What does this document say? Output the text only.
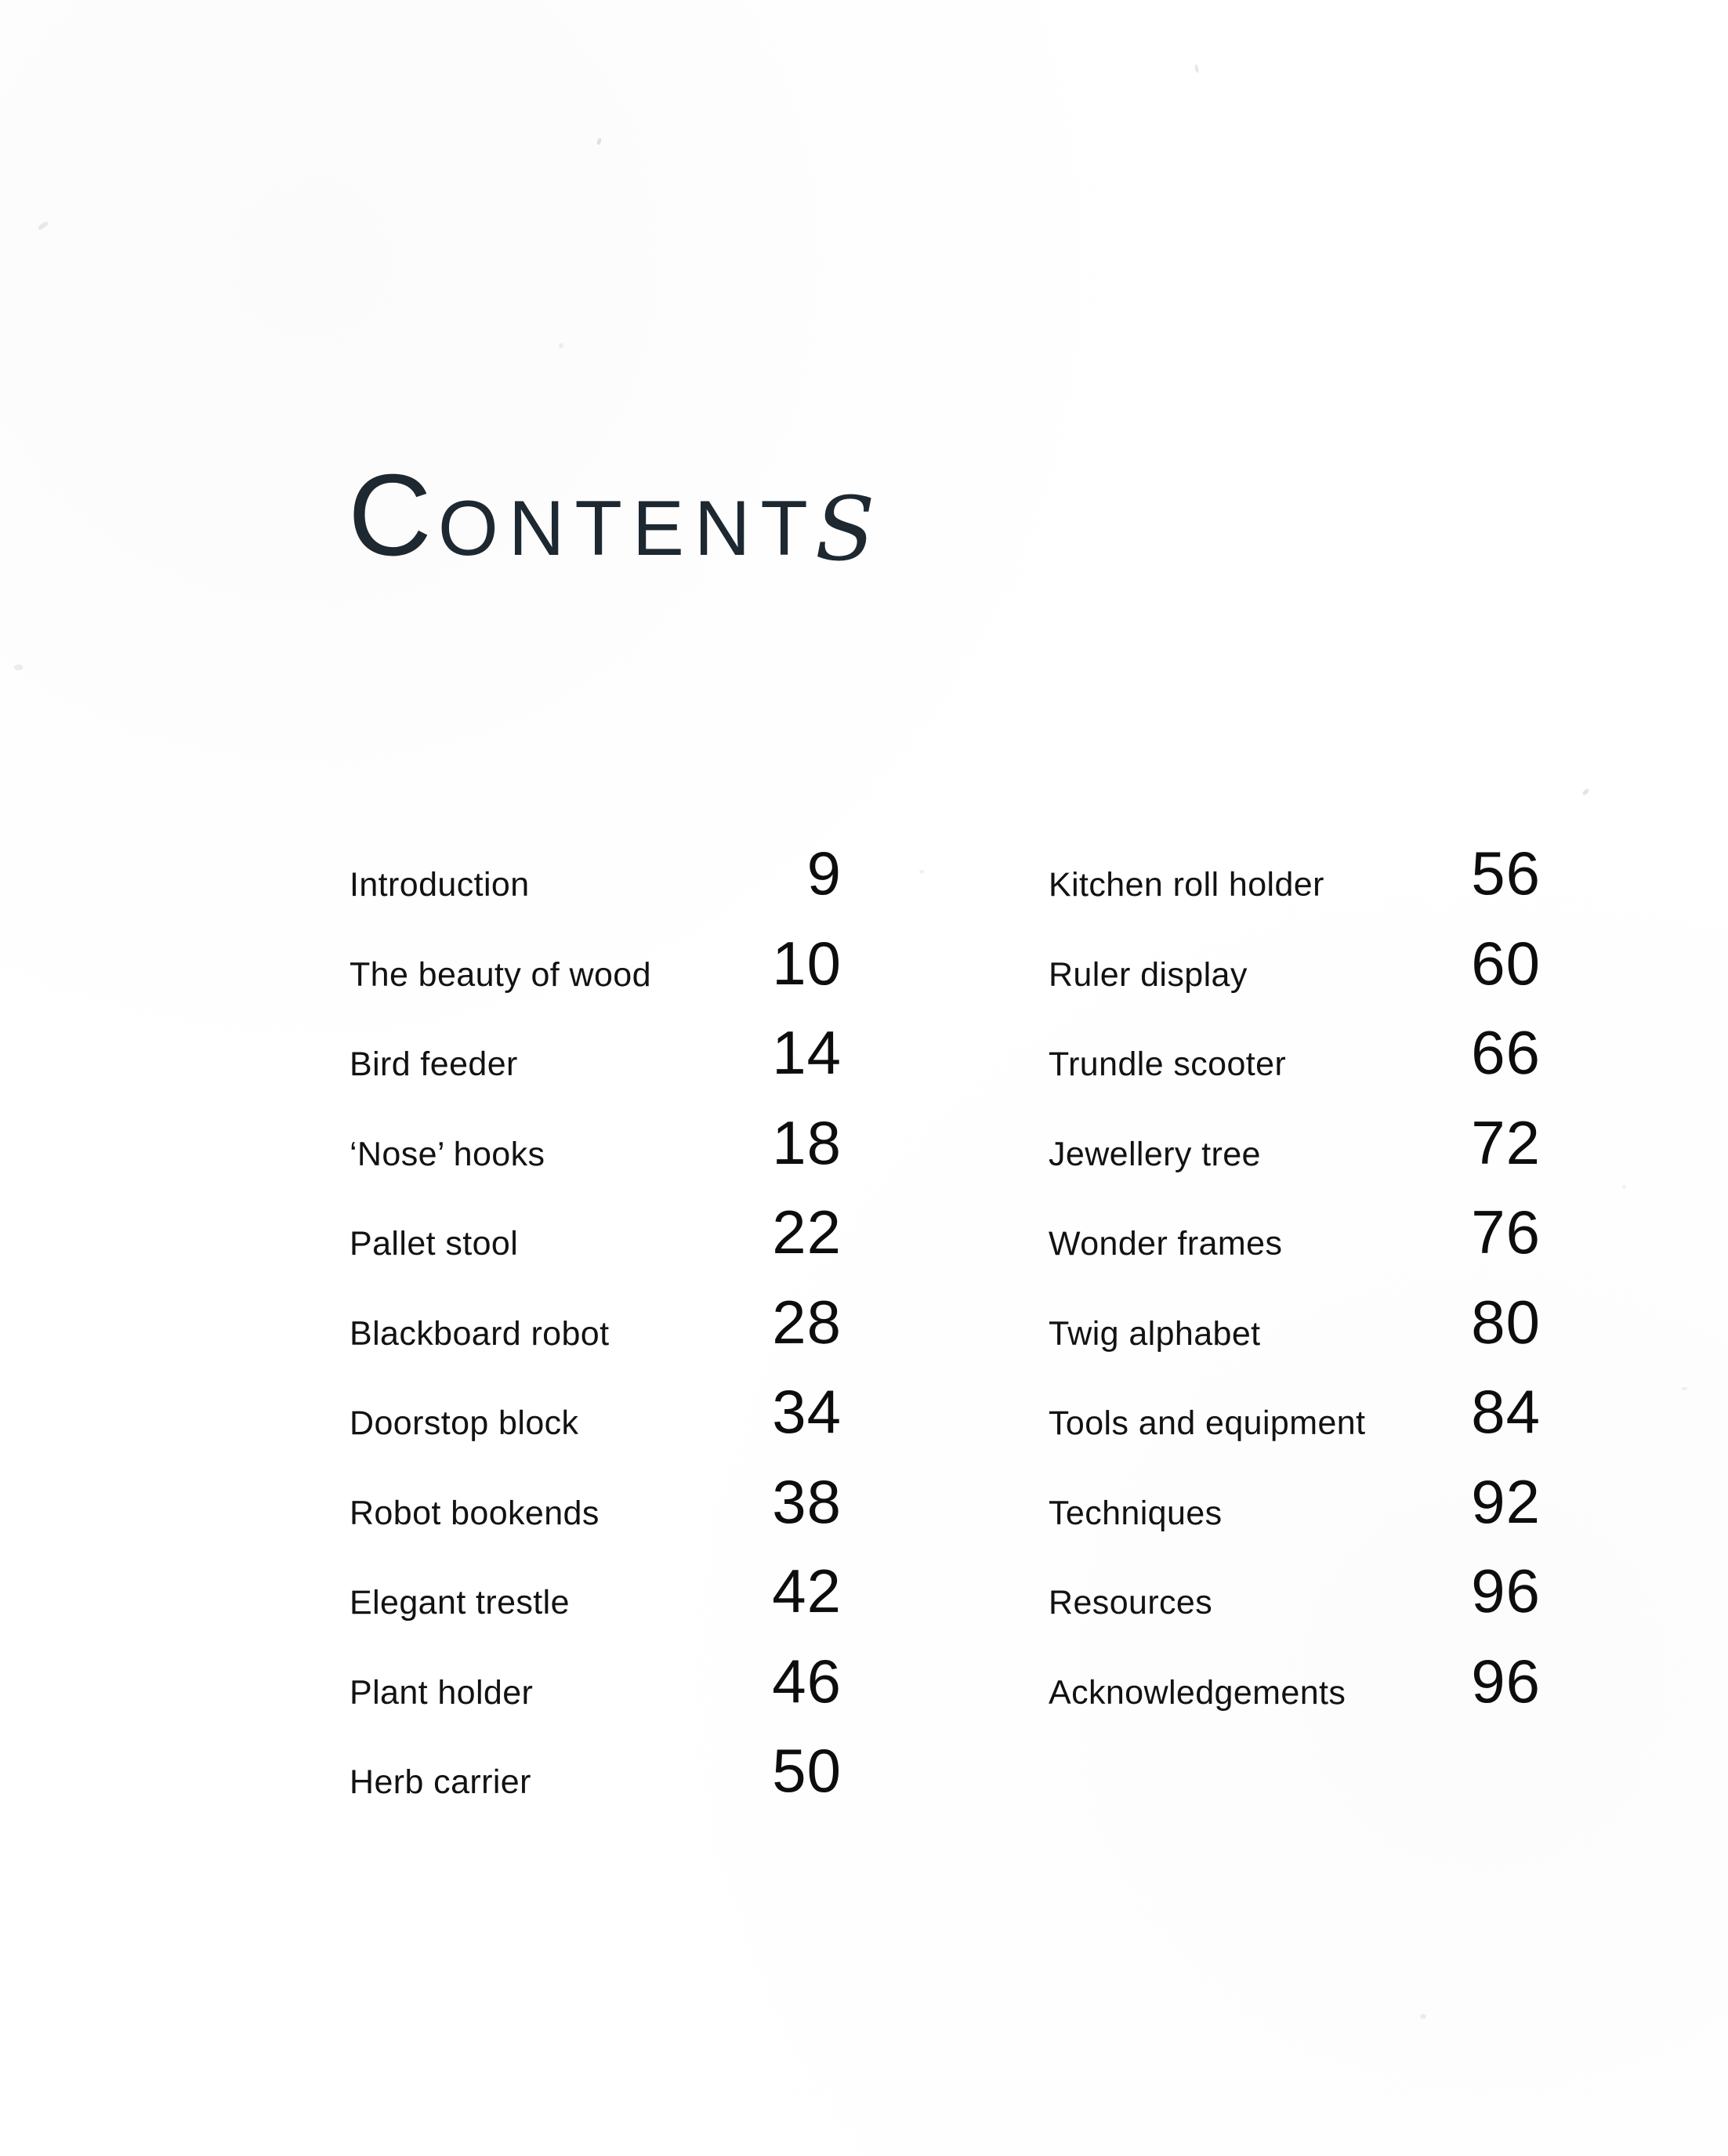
C ONTENT
S
Introduction	9
The beauty of wood	10
Bird feeder	14
‘Nose’ hooks	18
Pallet stool	22
Blackboard robot	28
Doorstop block	34
Robot bookends	38
Elegant trestle	42
Plant holder	46
Herb carrier	50
Kitchen roll holder	56
Ruler display	60
Trundle scooter	66
Jewellery tree	72
Wonder frames	76
Twig alphabet	80
Tools and equipment	84
Techniques	92
Resources	96
Acknowledgements	96
